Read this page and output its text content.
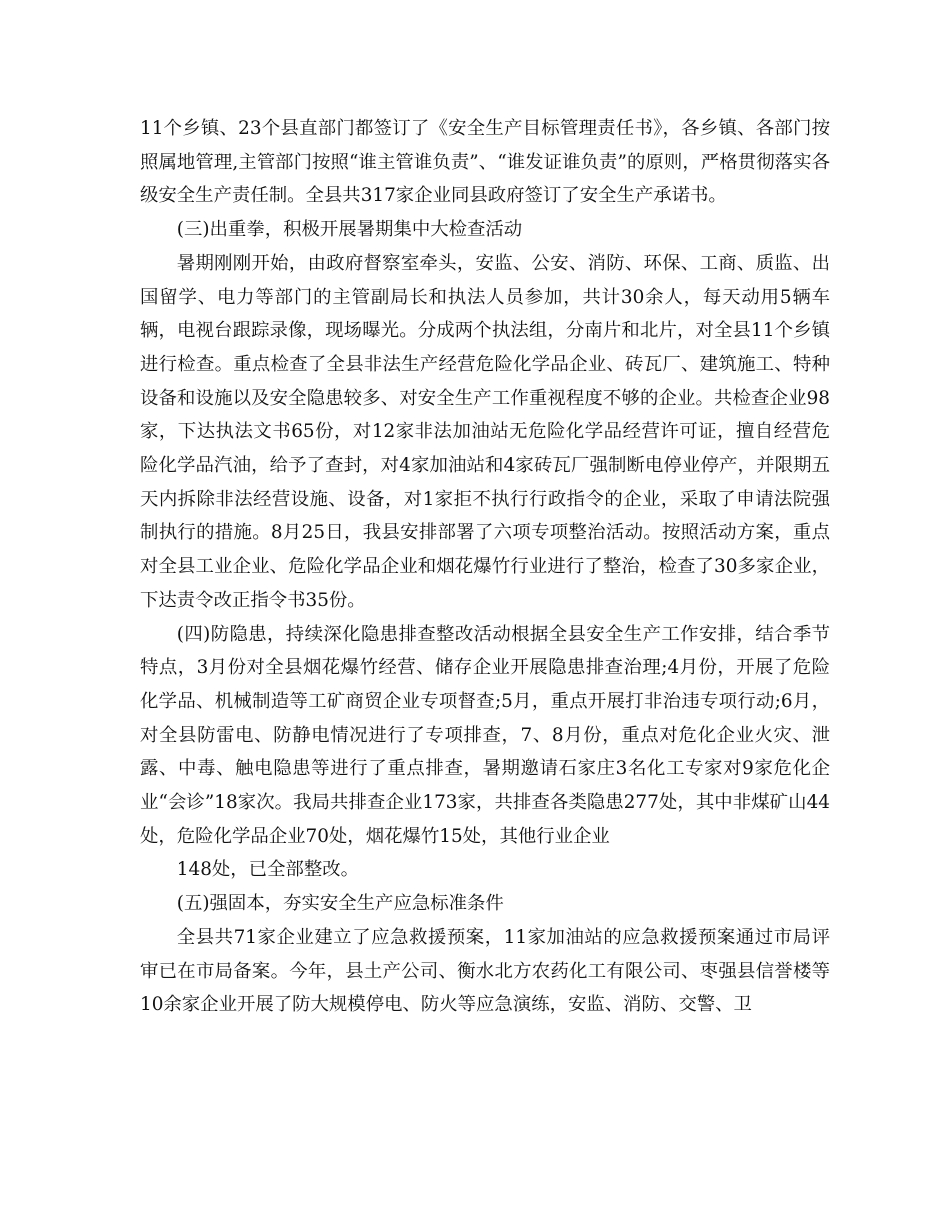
11个乡镇、23个县直部门都签订了《安全生产目标管理责任书》，各乡镇、各部门按照属地管理,主管部门按照“谁主管谁负责”、“谁发证谁负责”的原则，严格贯彻落实各级安全生产责任制。全县共317家企业同县政府签订了安全生产承诺书。

(三)出重拳，积极开展暑期集中大检查活动

暑期刚刚开始，由政府督察室牵头，安监、公安、消防、环保、工商、质监、出国留学、电力等部门的主管副局长和执法人员参加，共计30余人，每天动用5辆车辆，电视台跟踪录像，现场曝光。分成两个执法组，分南片和北片，对全县11个乡镇进行检查。重点检查了全县非法生产经营危险化学品企业、砖瓦厂、建筑施工、特种设备和设施以及安全隐患较多、对安全生产工作重视程度不够的企业。共检查企业98家，下达执法文书65份，对12家非法加油站无危险化学品经营许可证，擅自经营危险化学品汽油，给予了查封，对4家加油站和4家砖瓦厂强制断电停业停产，并限期五天内拆除非法经营设施、设备，对1家拒不执行行政指令的企业，采取了申请法院强制执行的措施。8月25日，我县安排部署了六项专项整治活动。按照活动方案，重点对全县工业企业、危险化学品企业和烟花爆竹行业进行了整治，检查了30多家企业，下达责令改正指令书35份。

(四)防隐患，持续深化隐患排查整改活动根据全县安全生产工作安排，结合季节特点，3月份对全县烟花爆竹经营、储存企业开展隐患排查治理;4月份，开展了危险化学品、机械制造等工矿商贸企业专项督查;5月，重点开展打非治违专项行动;6月，对全县防雷电、防静电情况进行了专项排查，7、8月份，重点对危化企业火灾、泄露、中毒、触电隐患等进行了重点排查，暑期邀请石家庄3名化工专家对9家危化企业“会诊”18家次。我局共排查企业173家，共排查各类隐患277处，其中非煤矿山44处，危险化学品企业70处，烟花爆竹15处，其他行业企业

148处，已全部整改。

(五)强固本，夯实安全生产应急标准条件

全县共71家企业建立了应急救援预案，11家加油站的应急救援预案通过市局评审已在市局备案。今年，县土产公司、衡水北方农药化工有限公司、枣强县信誉楼等10余家企业开展了防大规模停电、防火等应急演练，安监、消防、交警、卫
